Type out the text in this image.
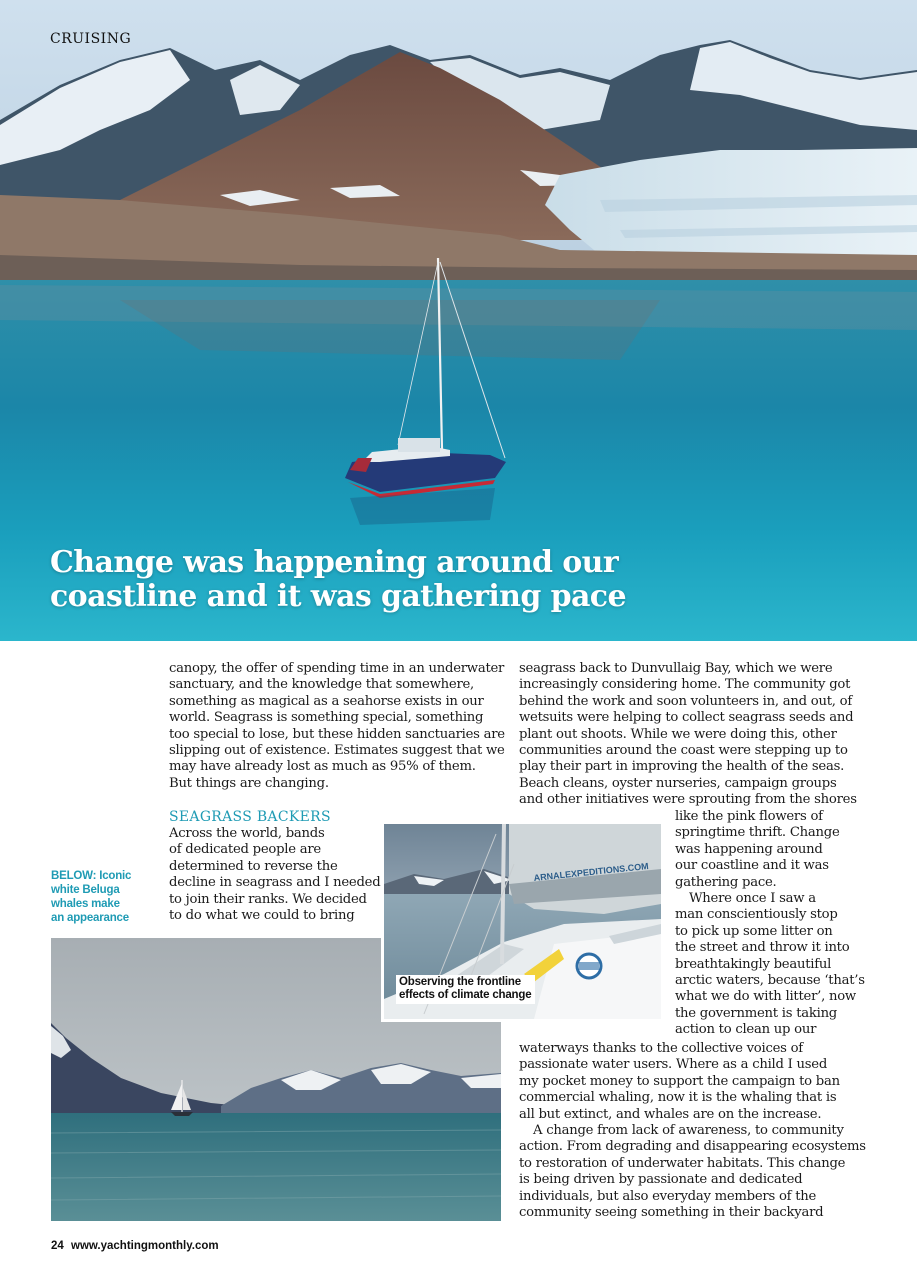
CRUISING
Change was happening around our
coastline and it was gathering pace

canopy, the offer of spending time in an underwater
sanctuary, and the knowledge that somewhere,
something as magical as a seahorse exists in our
world. Seagrass is something special, something
too special to lose, but these hidden sanctuaries are
slipping out of existence. Estimates suggest that we
may have already lost as much as 95% of them.
But things are changing.

SEAGRASS BACKERS

Across the world, bands
of dedicated people are
determined to reverse the
decline in seagrass and I needed
to join their ranks. We decided
to do what we could to bring

BELOW: Iconic
white Beluga
whales make
an appearance
ARNALEXPEDITIONS.COM
Observing the frontline
effects of climate change

seagrass back to Dunvullaig Bay, which we were
increasingly considering home. The community got
behind the work and soon volunteers in, and out, of
wetsuits were helping to collect seagrass seeds and
plant out shoots. While we were doing this, other
communities around the coast were stepping up to
play their part in improving the health of the seas.
Beach cleans, oyster nurseries, campaign groups
and other initiatives were sprouting from the shores

like the pink flowers of
springtime thrift. Change
was happening around
our coastline and it was
gathering pace.
Where once I saw a
man conscientiously stop
to pick up some litter on
the street and throw it into
breathtakingly beautiful
arctic waters, because ‘that’s
what we do with litter’, now
the government is taking
action to clean up our

waterways thanks to the collective voices of
passionate water users. Where as a child I used
my pocket money to support the campaign to ban
commercial whaling, now it is the whaling that is
all but extinct, and whales are on the increase.
A change from lack of awareness, to community
action. From degrading and disappearing ecosystems
to restoration of underwater habitats. This change
is being driven by passionate and dedicated
individuals, but also everyday members of the
community seeing something in their backyard

24 www.yachtingmonthly.com
